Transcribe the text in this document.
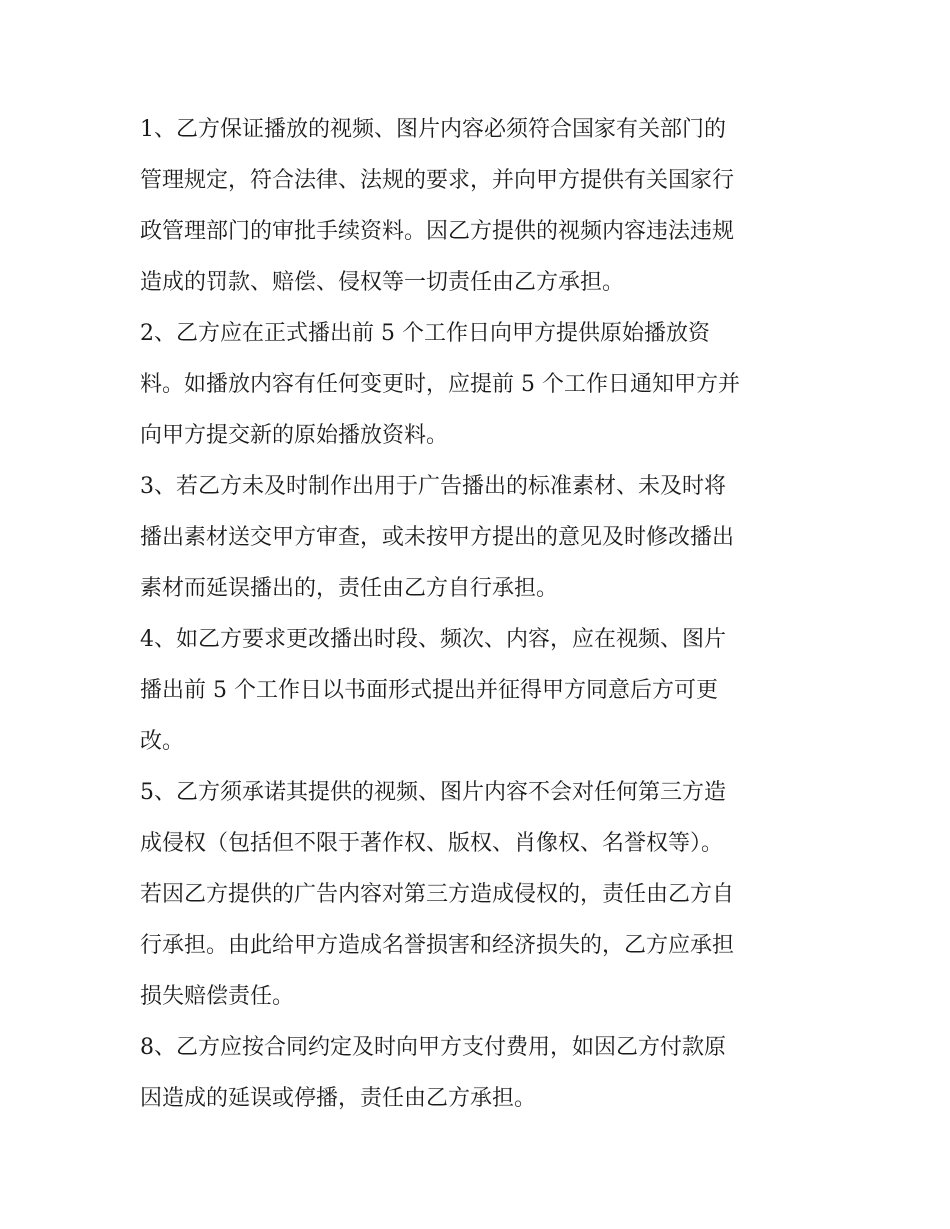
1、乙方保证播放的视频、图片内容必须符合国家有关部门的
管理规定，符合法律、法规的要求，并向甲方提供有关国家行
政管理部门的审批手续资料。因乙方提供的视频内容违法违规
造成的罚款、赔偿、侵权等一切责任由乙方承担。

2、乙方应在正式播出前 5 个工作日向甲方提供原始播放资
料。如播放内容有任何变更时，应提前 5 个工作日通知甲方并
向甲方提交新的原始播放资料。

3、若乙方未及时制作出用于广告播出的标准素材、未及时将
播出素材送交甲方审查，或未按甲方提出的意见及时修改播出
素材而延误播出的，责任由乙方自行承担。

4、如乙方要求更改播出时段、频次、内容，应在视频、图片
播出前 5 个工作日以书面形式提出并征得甲方同意后方可更
改。

5、乙方须承诺其提供的视频、图片内容不会对任何第三方造
成侵权（包括但不限于著作权、版权、肖像权、名誉权等）。
若因乙方提供的广告内容对第三方造成侵权的，责任由乙方自
行承担。由此给甲方造成名誉损害和经济损失的，乙方应承担
损失赔偿责任。

8、乙方应按合同约定及时向甲方支付费用，如因乙方付款原
因造成的延误或停播，责任由乙方承担。
